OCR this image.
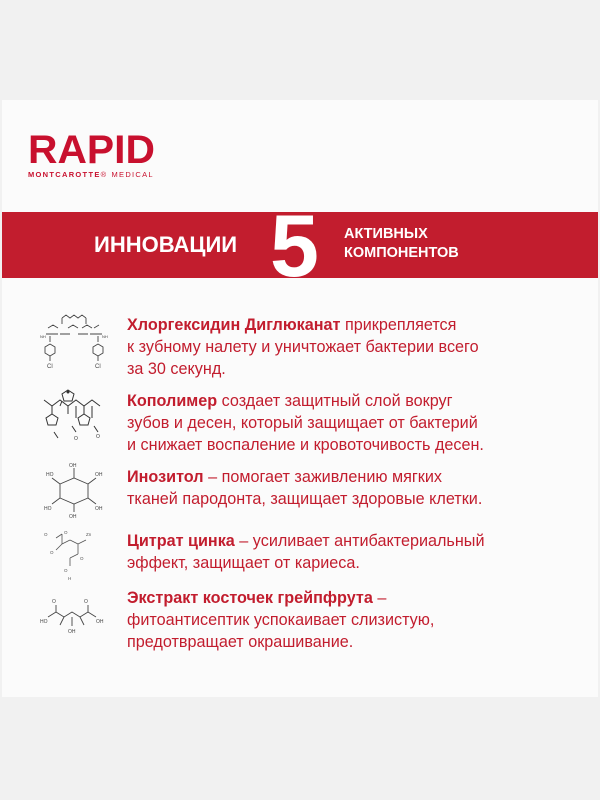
RAPID
MONTCAROTTE® MEDICAL
ИННОВАЦИИ 5 АКТИВНЫХ
КОМПОНЕНТОВ
Cl	Cl
NH	NH
Хлоргексидин Диглюканат прикрепляется
к зубному налету и уничтожает бактерии всего
за 30 секунд.
O	O
Кополимер создает защитный слой вокруг
зубов и десен, который защищает от бактерий
и снижает воспаление и кровоточивость десен.
HO
OH
OH
OH
OH
HO
Инозитол – помогает заживлению мягких
тканей пародонта, защищает здоровые клетки.
O	O	Zn
O
O
O
H
Цитрат цинка – усиливает антибактериальный
эффект, защищает от кариеса.
HO
O	O
OH
OH
Экстракт косточек грейпфрута –
фитоантисептик успокаивает слизистую,
предотвращает окрашивание.
